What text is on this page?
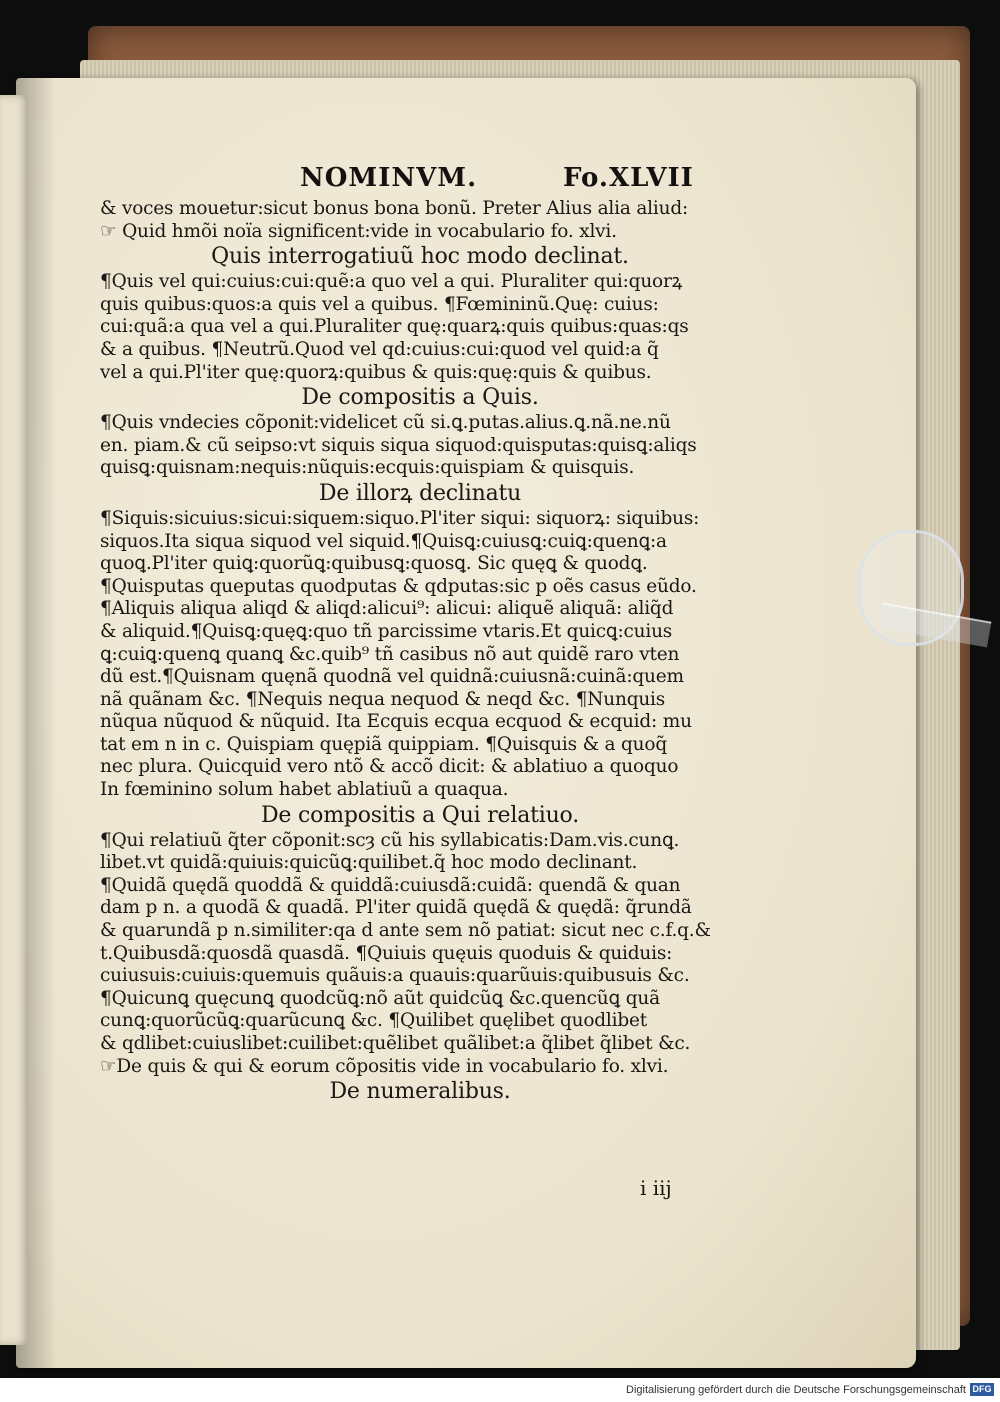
NOMINVM.	Fo.XLVII
& voces mouetur:sicut bonus bona bonũ. Preter Alius alia aliud:
☞ Quid hmõi noïa significent:vide in vocabulario fo. xlvi.
Quis interrogatiuũ hoc modo declinat.
¶Quis vel qui:cuius:cui:quẽ:a quo vel a qui. Pluraliter qui:quorꝝ
quis quibus:quos:a quis vel a quibus. ¶Fœmininũ.Quę: cuius:
cui:quã:a qua vel a qui.Pluraliter quę:quarꝝ:quis quibus:quas:qs
& a quibus. ¶Neutrũ.Quod vel qd:cuius:cui:quod vel quid:a q̃
vel a qui.Pl'iter quę:quorꝝ:quibus & quis:quę:quis & quibus.
De compositis a Quis.
¶Quis vndecies cõponit:videlicet cũ si.ꝗ.putas.alius.ꝗ.nã.ne.nũ
en. piam.& cũ seipso:vt siquis siqua siquod:quisputas:quisꝗ:aliqs
quisꝗ:quisnam:nequis:nũquis:ecquis:quispiam & quisquis.
De illorꝝ declinatu
¶Siquis:sicuius:sicui:siquem:siquo.Pl'iter siqui: siquorꝝ: siquibus:
siquos.Ita siqua siquod vel siquid.¶Quisꝗ:cuiusꝗ:cuiꝗ:quenꝗ:a
quoꝗ.Pl'iter quiꝗ:quorũꝗ:quibusꝗ:quosꝗ. Sic quęꝗ & quodꝗ.
¶Quisputas queputas quodputas & qdputas:sic p oẽs casus eũdo.
¶Aliquis aliqua aliqd & aliqd:alicui⁹: alicui: aliquẽ aliquã: aliq̃d
& aliquid.¶Quisꝗ:quęꝗ:quo tñ parcissime vtaris.Et quicꝗ:cuius
ꝗ:cuiꝗ:quenꝗ quanꝗ &c.quib⁹ tñ casibus nõ aut quidẽ raro vten
dũ est.¶Quisnam quęnã quodnã vel quidnã:cuiusnã:cuinã:quem
nã quãnam &c. ¶Nequis nequa nequod & neqd &c. ¶Nunquis
nũqua nũquod & nũquid. Ita Ecquis ecqua ecquod & ecquid: mu
tat em n in c. Quispiam quępiã quippiam. ¶Quisquis & a quoq̃
nec plura. Quicquid vero ntõ & accõ dicit: & ablatiuo a quoquo
In fœminino solum habet ablatiuũ a quaqua.
De compositis a Qui relatiuo.
¶Qui relatiuũ q̃ter cõponit:scȝ cũ his syllabicatis:Dam.vis.cunꝗ.
libet.vt quidã:quiuis:quicũꝗ:quilibet.q̃ hoc modo declinant.
¶Quidã quędã quoddã & quiddã:cuiusdã:cuidã: quendã & quan
dam p n. a quodã & quadã. Pl'iter quidã quędã & quędã: q̃rundã
& quarundã p n.similiter:qa d ante sem nõ patiat: sicut nec c.f.q.&
t.Quibusdã:quosdã quasdã. ¶Quiuis quęuis quoduis & quiduis:
cuiusuis:cuiuis:quemuis quãuis:a quauis:quarũuis:quibusuis &c.
¶Quicunꝗ quęcunꝗ quodcũꝗ:nõ aũt quidcũꝗ &c.quencũꝗ quã
cunꝗ:quorũcũꝗ:quarũcunꝗ &c. ¶Quilibet quęlibet quodlibet
& qdlibet:cuiuslibet:cuilibet:quẽlibet quãlibet:a q̃libet q̃libet &c.
☞De quis & qui & eorum cõpositis vide in vocabulario fo. xlvi.
De numeralibus.
i iij
Digitalisierung gefördert durch die Deutsche Forschungsgemeinschaft DFG
